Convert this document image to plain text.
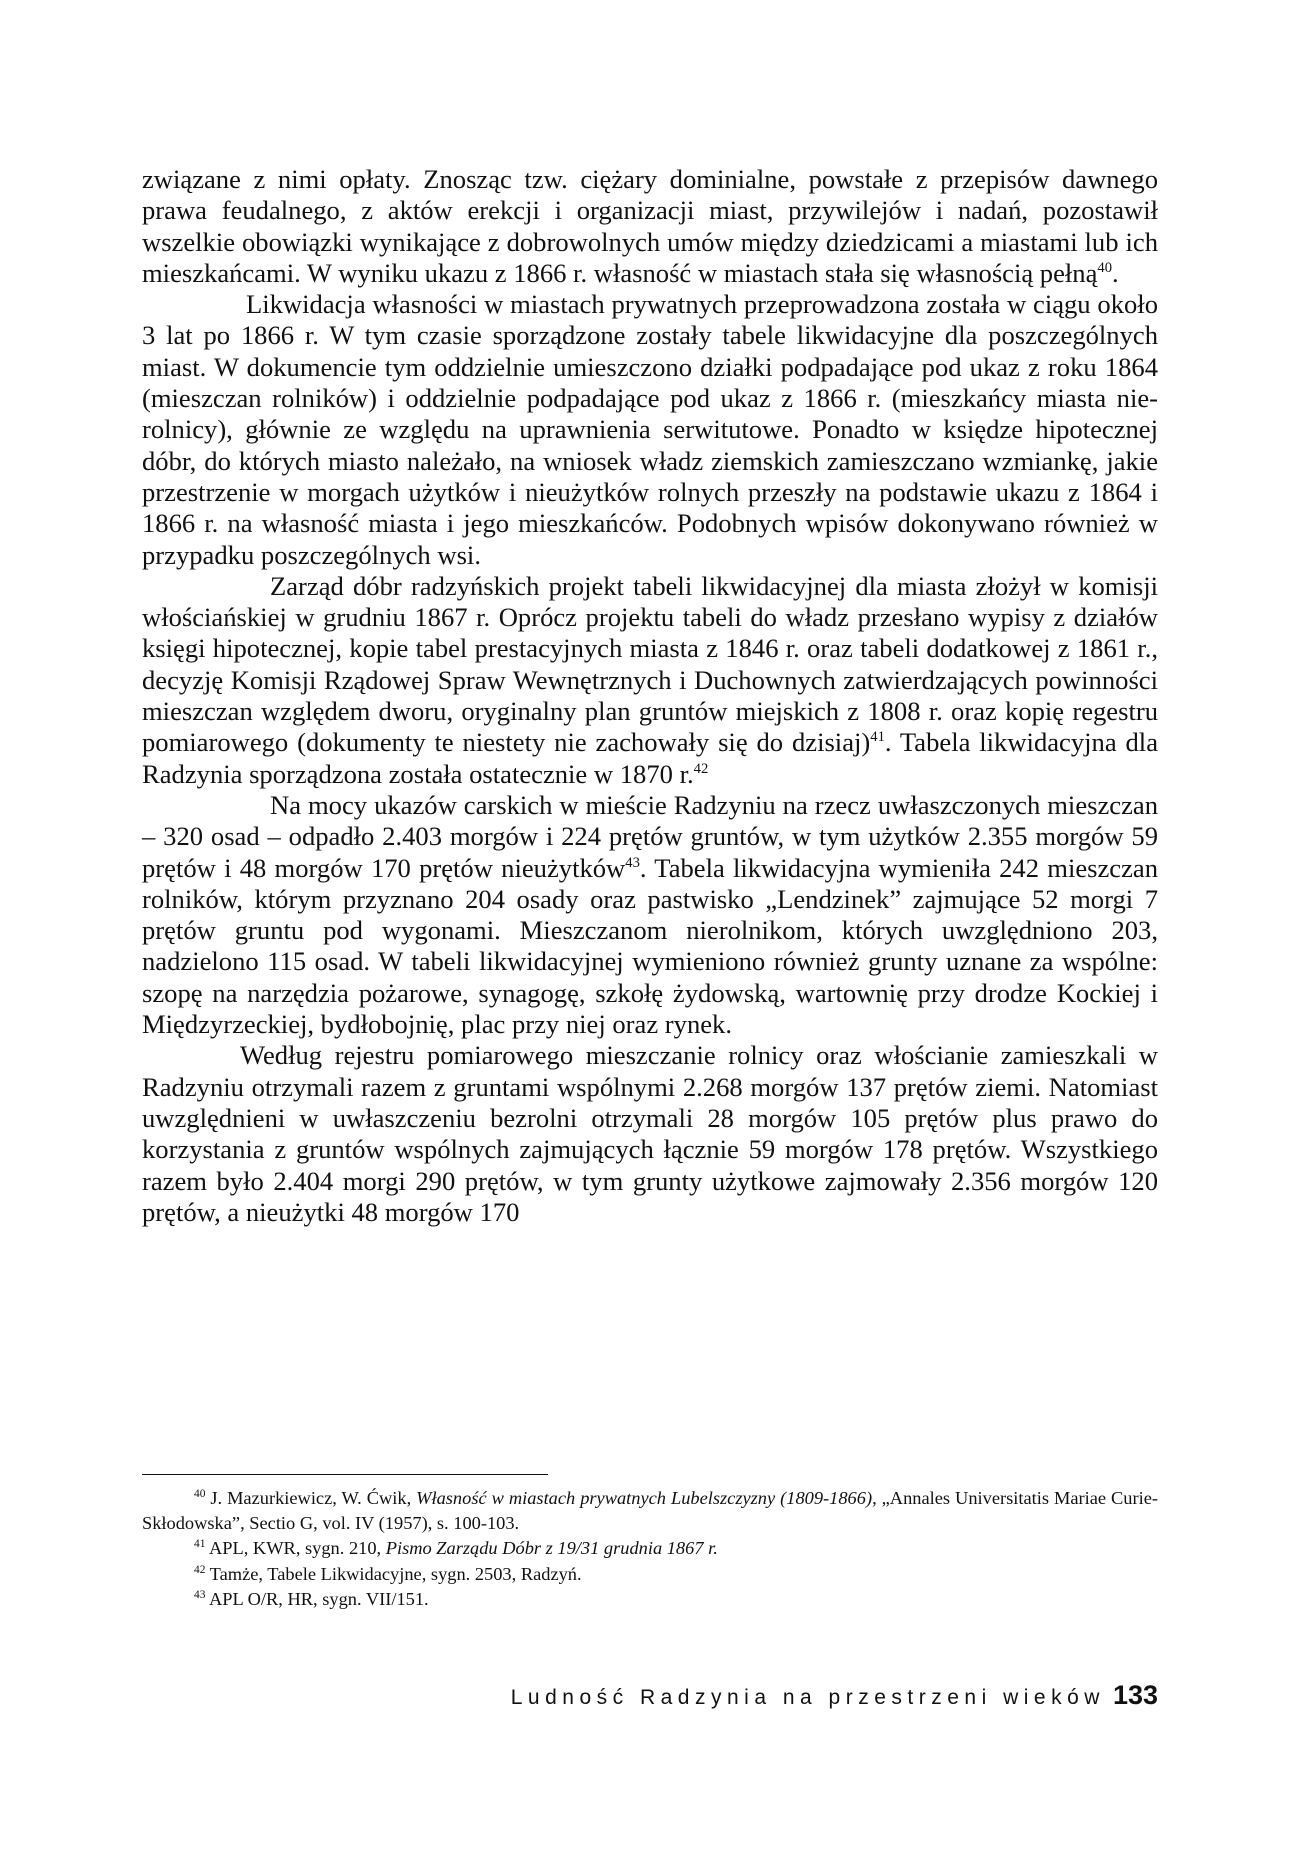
związane z nimi opłaty. Znosząc tzw. ciężary dominialne, powstałe z przepisów dawnego prawa feudalnego, z aktów erekcji i organizacji miast, przywilejów i nadań, pozostawił wszelkie obowiązki wynikające z dobrowolnych umów między dziedzicami a miastami lub ich mieszkańcami. W wyniku ukazu z 1866 r. własność w miastach stała się własnością pełną$^{40}$.

Likwidacja własności w miastach prywatnych przeprowadzona została w ciągu około 3 lat po 1866 r. W tym czasie sporządzone zostały tabele likwidacyjne dla poszczególnych miast. W dokumencie tym oddzielnie umieszczono działki podpadające pod ukaz z roku 1864 (mieszczan rolników) i oddzielnie podpadające pod ukaz z 1866 r. (mieszkańcy miasta nie-rolnicy), głównie ze względu na uprawnienia serwitutowe. Ponadto w księdze hipotecznej dóbr, do których miasto należało, na wniosek władz ziemskich zamieszczano wzmiankę, jakie przestrzenie w morgach użytków i nieużytków rolnych przeszły na podstawie ukazu z 1864 i 1866 r. na własność miasta i jego mieszkańców. Podobnych wpisów dokonywano również w przypadku poszczególnych wsi.

Zarząd dóbr radzyńskich projekt tabeli likwidacyjnej dla miasta złożył w komisji włościańskiej w grudniu 1867 r. Oprócz projektu tabeli do władz przesłano wypisy z działów księgi hipotecznej, kopie tabel prestacyjnych miasta z 1846 r. oraz tabeli dodatkowej z 1861 r., decyzję Komisji Rządowej Spraw Wewnętrznych i Duchownych zatwierdzających powinności mieszczan względem dworu, oryginalny plan gruntów miejskich z 1808 r. oraz kopię regestru pomiarowego (dokumenty te niestety nie zachowały się do dzisiaj)$^{41}$. Tabela likwidacyjna dla Radzynia sporządzona została ostatecznie w 1870 r.$^{42}$

Na mocy ukazów carskich w mieście Radzyniu na rzecz uwłaszczonych mieszczan – 320 osad – odpadło 2.403 morgów i 224 prętów gruntów, w tym użytków 2.355 morgów 59 prętów i 48 morgów 170 prętów nieużytków$^{43}$. Tabela likwidacyjna wymieniła 242 mieszczan rolników, którym przyznano 204 osady oraz pastwisko „Lendzinek” zajmujące 52 morgi 7 prętów gruntu pod wygonami. Mieszczanom nierolnikom, których uwzględniono 203, nadzielono 115 osad. W tabeli likwidacyjnej wymieniono również grunty uznane za wspólne: szopę na narzędzia pożarowe, synagogę, szkołę żydowską, wartownię przy drodze Kockiej i Międzyrzeckiej, bydłobojnię, plac przy niej oraz rynek.

Według rejestru pomiarowego mieszczanie rolnicy oraz włościanie zamieszkali w Radzyniu otrzymali razem z gruntami wspólnymi 2.268 morgów 137 prętów ziemi. Natomiast uwzględnieni w uwłaszczeniu bezrolni otrzymali 28 morgów 105 prętów plus prawo do korzystania z gruntów wspólnych zajmujących łącznie 59 morgów 178 prętów. Wszystkiego razem było 2.404 morgi 290 prętów, w tym grunty użytkowe zajmowały 2.356 morgów 120 prętów, a nieużytki 48 morgów 170

$^{40}$ J. Mazurkiewicz, W. Ćwik, Własność w miastach prywatnych Lubelszczyzny (1809-1866), „Annales Universitatis Mariae Curie-Skłodowska”, Sectio G, vol. IV (1957), s. 100-103.

$^{41}$ APL, KWR, sygn. 210, Pismo Zarządu Dóbr z 19/31 grudnia 1867 r.

$^{42}$ Tamże, Tabele Likwidacyjne, sygn. 2503, Radzyń.

$^{43}$ APL O/R, HR, sygn. VII/151.

Ludność Radzynia na przestrzeni wieków 133
